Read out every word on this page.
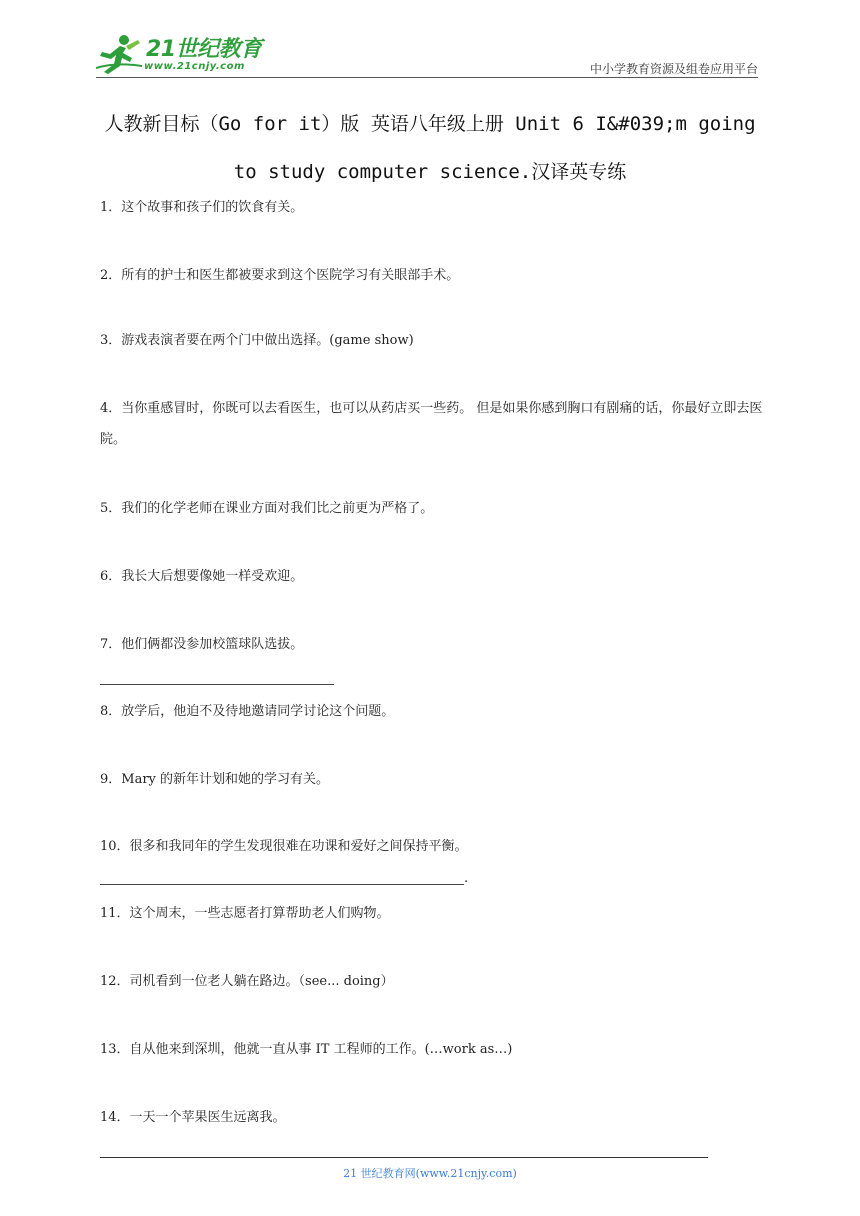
21世纪教育
www.21cnjy.com	中小学教育资源及组卷应用平台
人教新目标（Go for it）版 英语八年级上册 Unit 6 I&#039;m going
to study computer science.汉译英专练
1．这个故事和孩子们的饮食有关。
2．所有的护士和医生都被要求到这个医院学习有关眼部手术。
3．游戏表演者要在两个门中做出选择。(game show)
4．当你重感冒时，你既可以去看医生，也可以从药店买一些药。 但是如果你感到胸口有剧痛的话，你最好立即去医院。
5．我们的化学老师在课业方面对我们比之前更为严格了。
6．我长大后想要像她一样受欢迎。
7．他们俩都没参加校篮球队选拔。
8．放学后，他迫不及待地邀请同学讨论这个问题。
9．Mary 的新年计划和她的学习有关。
10．很多和我同年的学生发现很难在功课和爱好之间保持平衡。
.
11．这个周末，一些志愿者打算帮助老人们购物。
12．司机看到一位老人躺在路边。（see... doing）
13．自从他来到深圳，他就一直从事 IT 工程师的工作。(…work as…)
14．一天一个苹果医生远离我。
21 世纪教育网(www.21cnjy.com)
